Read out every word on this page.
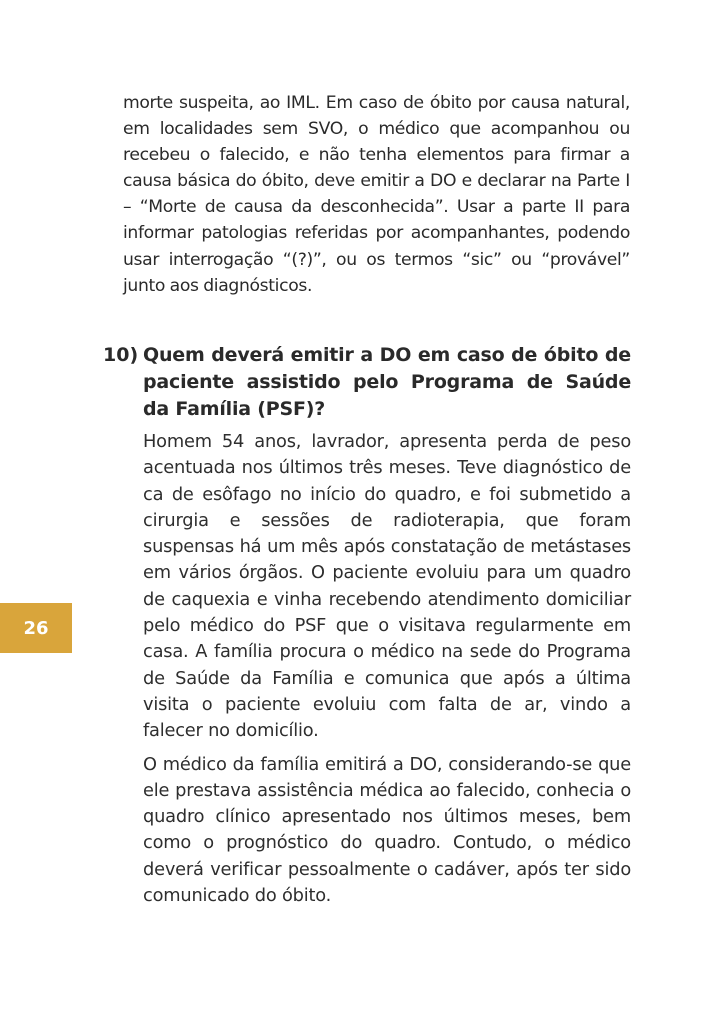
morte suspeita, ao IML. Em caso de óbito por causa natural, em localidades sem SVO, o médico que acompanhou ou recebeu o falecido, e não tenha elementos para firmar a causa básica do óbito, deve emitir a DO e declarar na Parte I – “Morte de causa da desconhecida”. Usar a parte II para informar patologias referidas por acompanhantes, podendo usar interrogação “(?)”, ou os termos “sic” ou “provável” junto aos diagnósticos.
10) Quem deverá emitir a DO em caso de óbito de paciente assistido pelo Programa de Saúde da Família (PSF)?

Homem 54 anos, lavrador, apresenta perda de peso acentuada nos últimos três meses. Teve diagnóstico de ca de esôfago no início do quadro, e foi submetido a cirurgia e sessões de radioterapia, que foram suspensas há um mês após constatação de metástases em vários órgãos. O paciente evoluiu para um quadro de caquexia e vinha recebendo atendimento domiciliar pelo médico do PSF que o visitava regularmente em casa. A família procura o médico na sede do Programa de Saúde da Família e comunica que após a última visita o paciente evoluiu com falta de ar, vindo a falecer no domicílio.

O médico da família emitirá a DO, considerando-se que ele prestava assistência médica ao falecido, conhecia o quadro clínico apresentado nos últimos meses, bem como o prognóstico do quadro. Contudo, o médico deverá verificar pessoalmente o cadáver, após ter sido comunicado do óbito.

26
